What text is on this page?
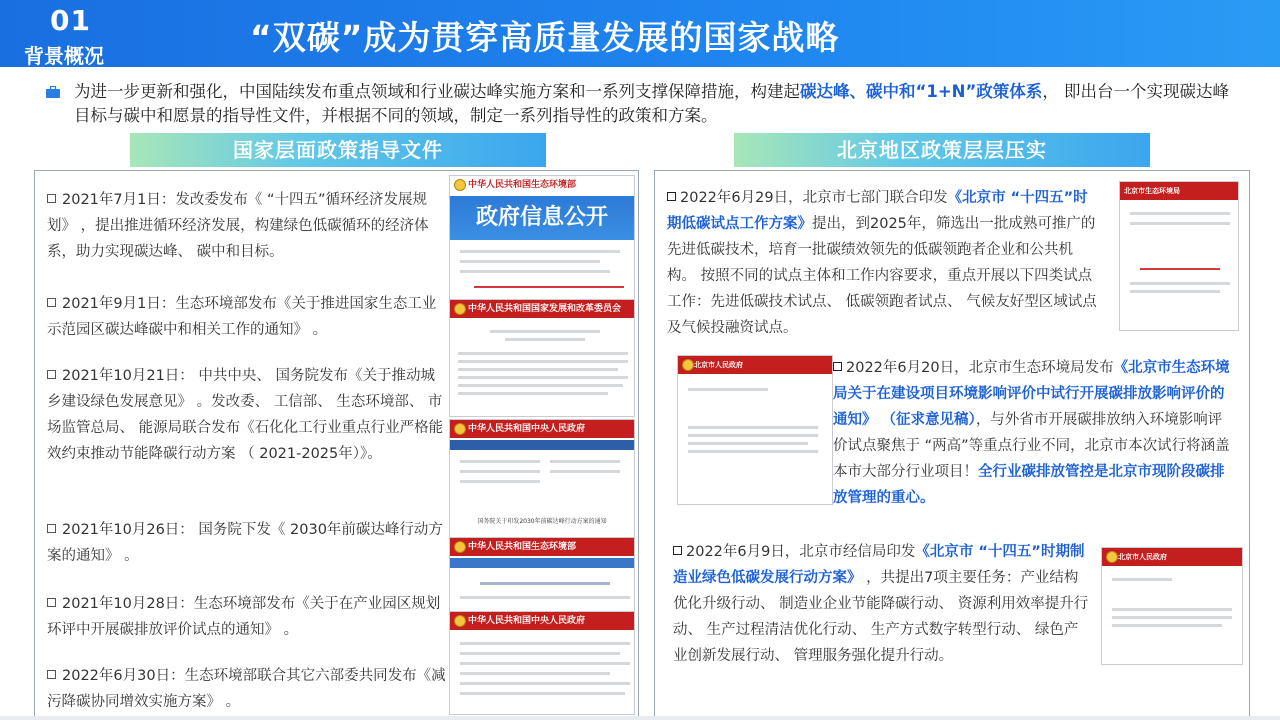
01
背景概况	“双碳”成为贯穿高质量发展的国家战略
为进一步更新和强化，中国陆续发布重点领域和行业碳达峰实施方案和一系列支撑保障措施，构建起碳达峰、碳中和“1+N”政策体系， 即出台一个实现碳达峰目标与碳中和愿景的指导性文件，并根据不同的领域，制定一系列指导性的政策和方案。
国家层面政策指导文件	北京地区政策层层压实
2021年7月1日：发改委发布《 “十四五”循环经济发展规划》 ，提出推进循环经济发展，构建绿色低碳循环的经济体系，助力实现碳达峰、 碳中和目标。
2021年9月1日：生态环境部发布《关于推进国家生态工业示范园区碳达峰碳中和相关工作的通知》 。
2021年10月21日： 中共中央、 国务院发布《关于推动城乡建设绿色发展意见》 。发改委、 工信部、 生态环境部、 市场监管总局、 能源局联合发布《石化化工行业重点行业严格能效约束推动节能降碳行动方案 （ 2021-2025年）》。
2021年10月26日： 国务院下发《 2030年前碳达峰行动方案的通知》 。
2021年10月28日：生态环境部发布《关于在产业园区规划环评中开展碳排放评价试点的通知》 。
2022年6月30日：生态环境部联合其它六部委共同发布《减污降碳协同增效实施方案》 。
中华人民共和国生态环境部
政府信息公开
中华人民共和国国家发展和改革委员会
中华人民共和国中央人民政府
国务院关于印发2030年前碳达峰行动方案的通知
中华人民共和国生态环境部
中华人民共和国中央人民政府
2022年6月29日，北京市七部门联合印发《北京市 “十四五”时期低碳试点工作方案》提出，到2025年，筛选出一批成熟可推广的先进低碳技术，培育一批碳绩效领先的低碳领跑者企业和公共机构。 按照不同的试点主体和工作内容要求，重点开展以下四类试点工作：先进低碳技术试点、 低碳领跑者试点、 气候友好型区域试点及气候投融资试点。
北京市生态环境局
北京市人民政府	2022年6月20日，北京市生态环境局发布《北京市生态环境局关于在建设项目环境影响评价中试行开展碳排放影响评价的通知》 （征求意见稿），与外省市开展碳排放纳入环境影响评价试点聚焦于 “两高”等重点行业不同，北京市本次试行将涵盖本市大部分行业项目！全行业碳排放管控是北京市现阶段碳排放管理的重心。
2022年6月9日，北京市经信局印发《北京市 “十四五”时期制造业绿色低碳发展行动方案》 ，共提出7项主要任务：产业结构优化升级行动、 制造业企业节能降碳行动、 资源利用效率提升行动、 生产过程清洁优化行动、 生产方式数字转型行动、 绿色产业创新发展行动、 管理服务强化提升行动。
北京市人民政府
